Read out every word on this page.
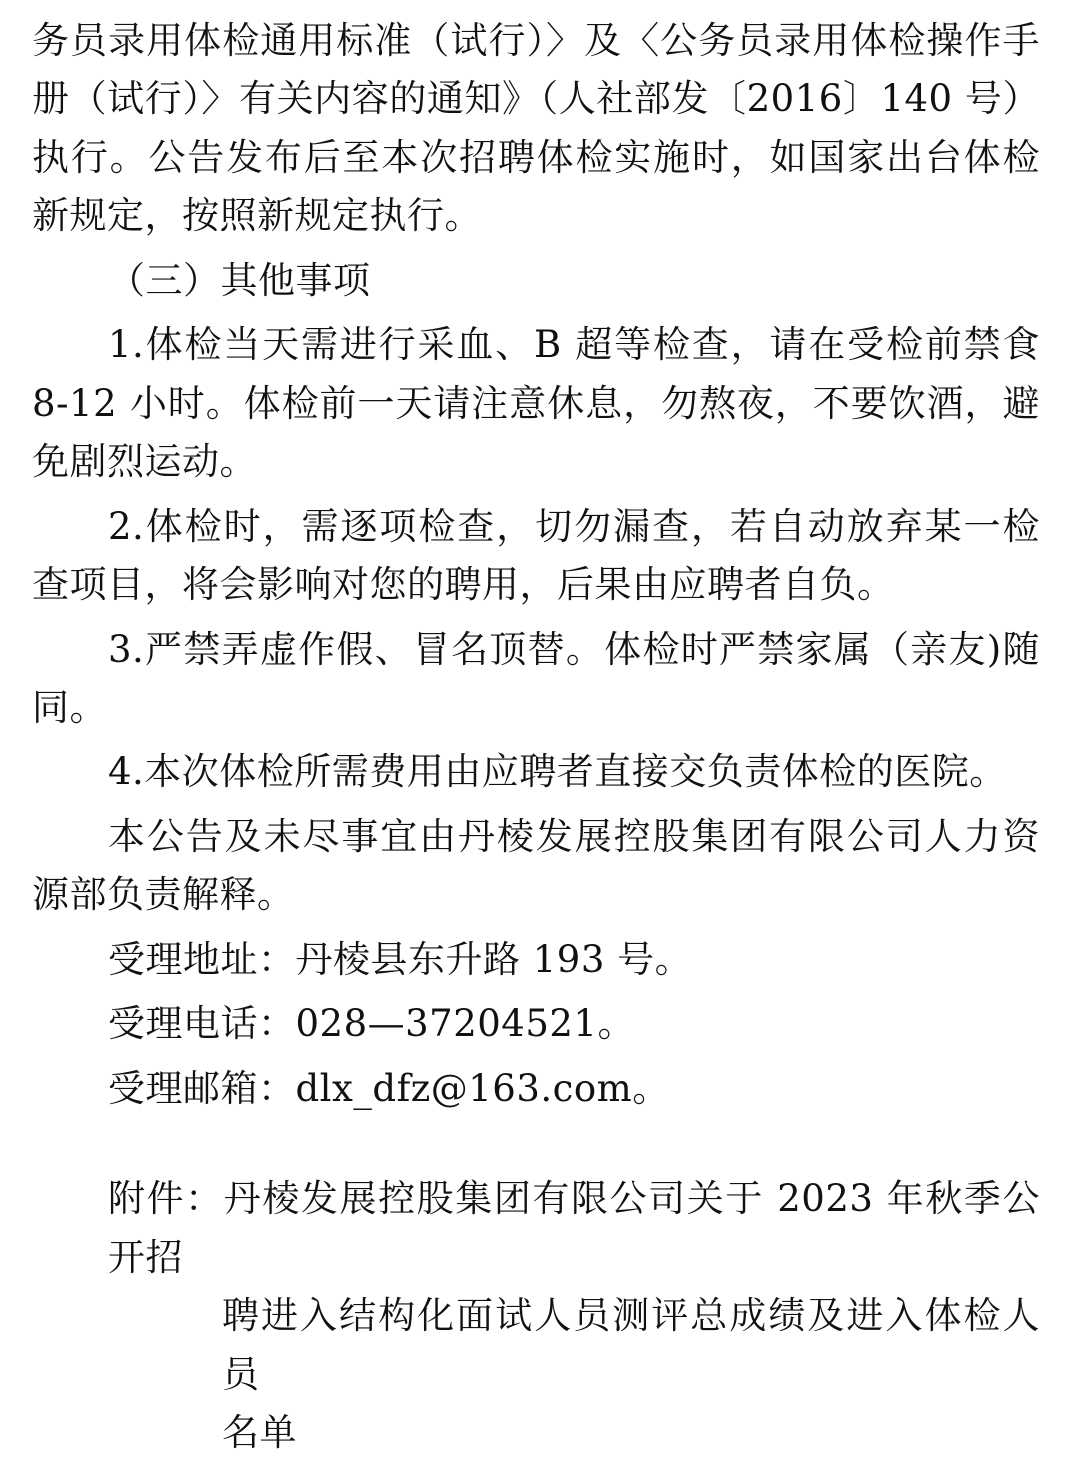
务员录用体检通用标准（试行）〉及〈公务员录用体检操作手册（试行）〉有关内容的通知》（人社部发〔2016〕140 号）执行。公告发布后至本次招聘体检实施时，如国家出台体检新规定，按照新规定执行。

（三）其他事项

1.体检当天需进行采血、B 超等检查，请在受检前禁食 8-12 小时。体检前一天请注意休息，勿熬夜，不要饮酒，避免剧烈运动。

2.体检时，需逐项检查，切勿漏查，若自动放弃某一检查项目，将会影响对您的聘用，后果由应聘者自负。

3.严禁弄虚作假、冒名顶替。体检时严禁家属（亲友)随同。

4.本次体检所需费用由应聘者直接交负责体检的医院。

本公告及未尽事宜由丹棱发展控股集团有限公司人力资源部负责解释。

受理地址：丹棱县东升路 193 号。

受理电话：028—37204521。

受理邮箱：dlx_dfz@163.com。

附件：丹棱发展控股集团有限公司关于 2023 年秋季公开招

聘进入结构化面试人员测评总成绩及进入体检人员

名单
